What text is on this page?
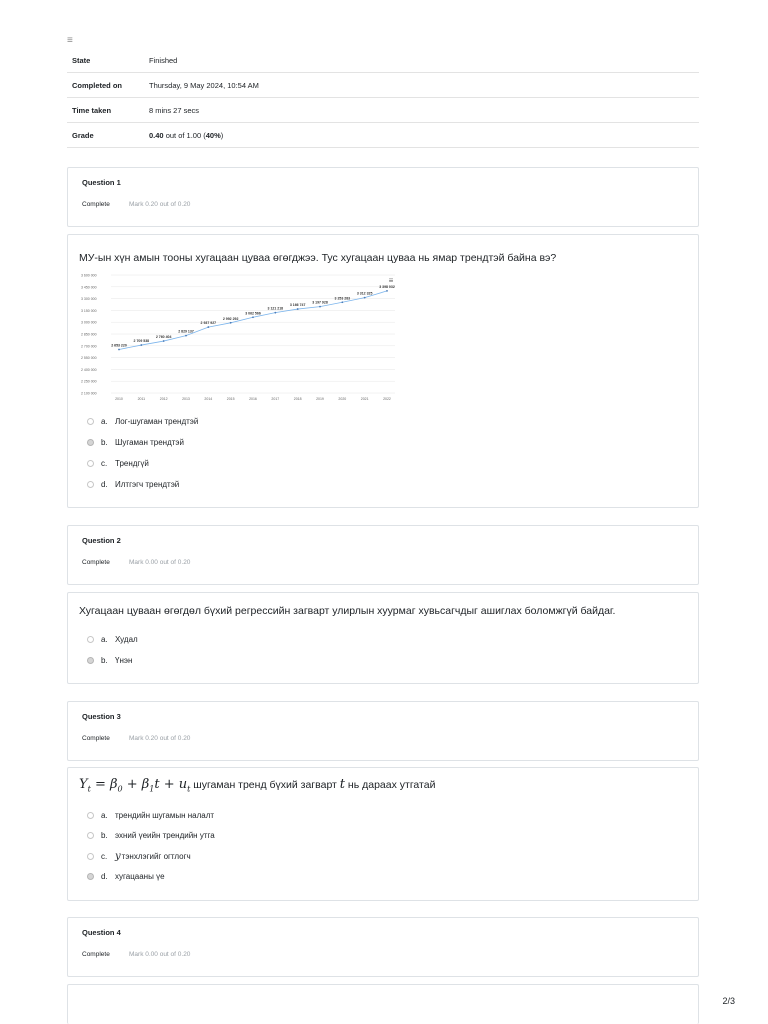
≡
State	Finished
Completed on	Thursday, 9 May 2024, 10:54 AM
Time taken	8 mins 27 secs
Grade	0.40 out of 1.00 (40%)
Question 1
Complete	Mark 0.20 out of 0.20
МУ-ын хүн амын тооны хугацаан цуваа өгөгджээ. Тус хугацаан цуваа нь ямар трендтэй байна вэ?
3 600 000
3 450 000
3 300 000
3 150 000
3 000 000
2 850 000
2 700 000
2 550 000
2 400 000
2 250 000
2 100 000
2010	2011	2012	2013	2014	2015	2016	2017	2018	2019	2020	2021	2022
2 653 220
2 709 538
2 760 404
2 829 137
2 937 927
2 992 292
3 062 566
3 121 218
3 166 747
3 197 928
3 253 283
3 312 325
3 398 032
≡
a. Лог-шугаман трендтэй
b. Шугаман трендтэй
c. Трендгүй
d. Илтгэгч трендтэй
Question 2
Complete	Mark 0.00 out of 0.20
Хугацаан цуваан өгөгдөл бүхий регрессийн загварт улирлын хуурмаг хувьсагчдыг ашиглах боломжгүй байдаг.
a. Худал
b. Үнэн
Question 3
Complete	Mark 0.20 out of 0.20
$Y_t = \beta_0 + \beta_1t + u_t$ шугаман тренд бүхий загварт t нь дараах утгатай
a. трендийн шугамын налалт
b. эхний үеийн трендийн утга
c. y тэнхлэгийг огтлогч
d. хугацааны үе
Question 4
Complete	Mark 0.00 out of 0.20
2/3
